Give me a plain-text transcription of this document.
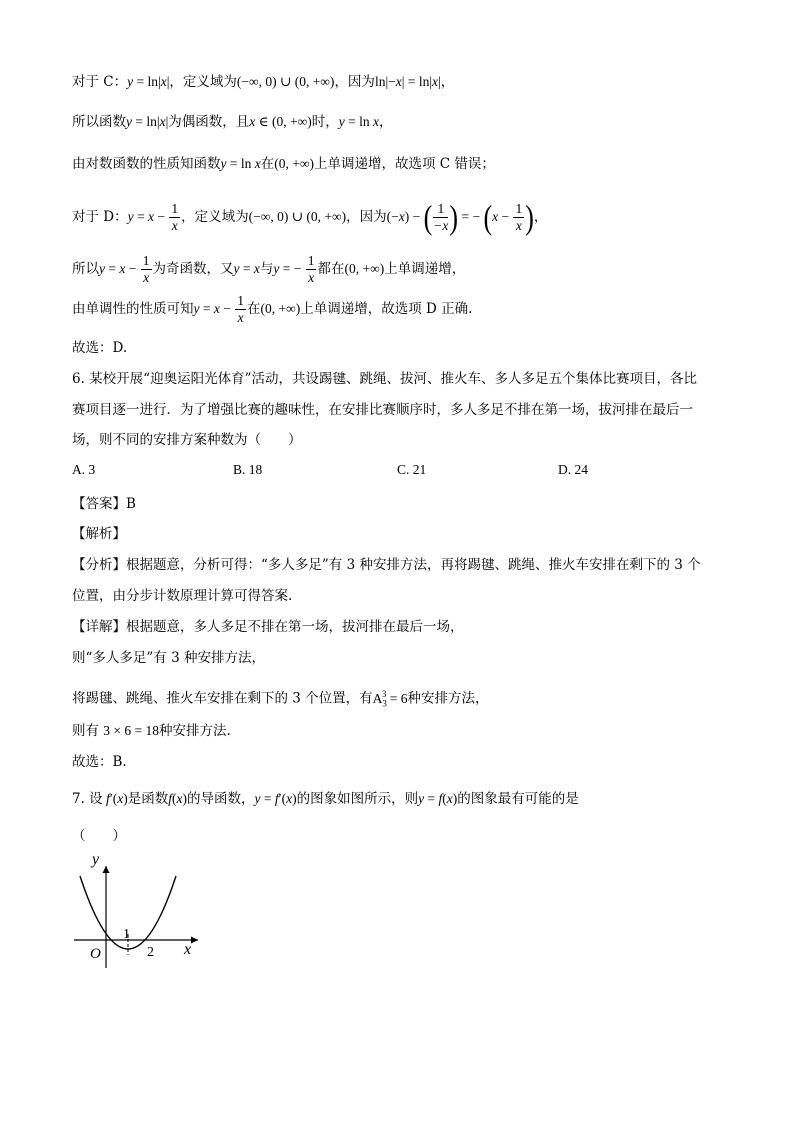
对于 C：y = ln|x|，定义域为(−∞, 0) ∪ (0, +∞)，因为ln|−x| = ln|x|，
所以函数y = ln|x|为偶函数，且x ∈ (0, +∞)时，y = ln x，
由对数函数的性质知函数y = ln x在(0, +∞)上单调递增，故选项 C 错误；
对于 D：$y = x - \frac{1}{x}$ ，定义域为(−∞, 0) ∪ (0, +∞)，因为(−x) − ( $\frac{1}{-x}$ ) = − ($x - \frac{1}{x}$ )，
所以$y = x - \frac{1}{x}$ 为奇函数，又y = x与y = − $\frac{1}{x}$ 都在(0, +∞)上单调递增，
由单调性的性质可知$y = x - \frac{1}{x}$ 在(0, +∞)上单调递增，故选项 D 正确.
故选：D.
6. 某校开展“迎奥运阳光体育”活动，共设踢毽、跳绳、拔河、推火车、多人多足五个集体比赛项目，各比
赛项目逐一进行．为了增强比赛的趣味性，在安排比赛顺序时，多人多足不排在第一场，拔河排在最后一
场，则不同的安排方案种数为（　　）
A. 3	B. 18	C. 21	D. 24
【答案】B
【解析】
【分析】根据题意，分析可得：“多人多足”有 3 种安排方法，再将踢毽、跳绳、推火车安排在剩下的 3 个
位置，由分步计数原理计算可得答案.
【详解】根据题意，多人多足不排在第一场，拔河排在最后一场，
则“多人多足”有 3 种安排方法，
将踢毽、跳绳、推火车安排在剩下的 3 个位置，有$A_3^3 = 6$种安排方法，
则有 3 × 6 = 18种安排方法.
故选：B.
7. 设 f′(x)是函数f(x)的导函数，y = f′(x)的图象如图所示，则y = f(x)的图象最有可能的是
（　　）
y
x
O
1
2
